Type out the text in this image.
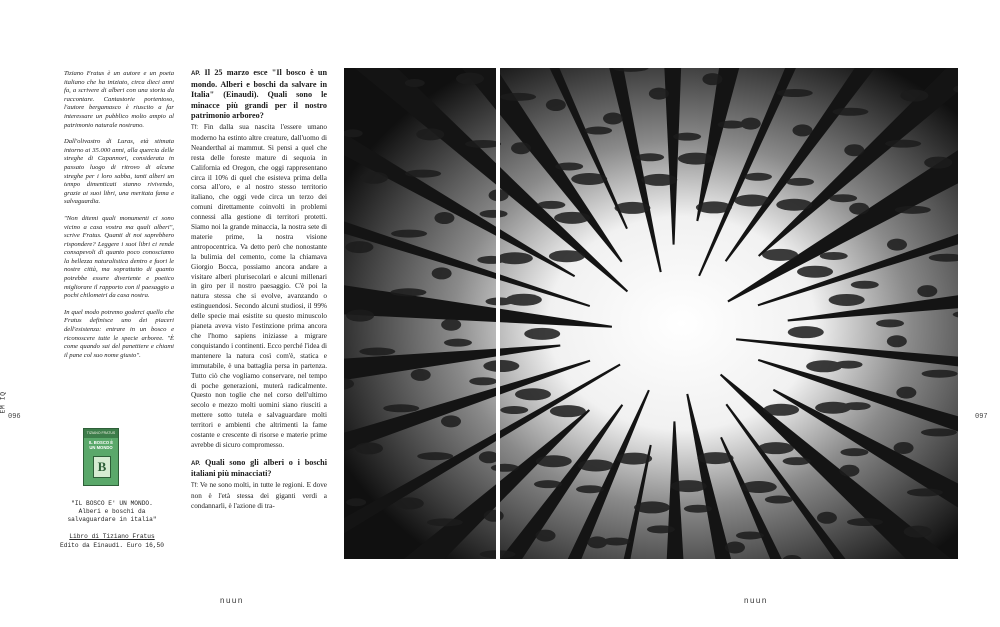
EM IQ
096	097

Tiziano Fratus è un autore e un poeta italiano che ha iniziato, circa dieci anni fa, a scrivere di alberi con una storia da raccontare. Cantastorie portentoso, l'autore bergamasco è riuscito a far interessare un pubblico molto ampio al patrimonio naturale nostrano.

Dall'olivastro di Luras, età stimata intorno ai 35.000 anni, alla quercia delle streghe di Capannori, considerata in passato luogo di ritrovo di alcune streghe per i loro sabba, tanti alberi un tempo dimenticati stanno rivivendo, grazie ai suoi libri, una meritata fama e salvaguardia.

"Non ditemi quali monumenti ci sono vicino a casa vostra ma quali alberi", scrive Fratus. Quanti di noi saprebbero rispondere? Leggere i suoi libri ci rende consapevoli di quanto poco conosciamo la bellezza naturalistica dentro e fuori le nostre città, ma soprattutto di quanto potrebbe essere divertente e poetico migliorare il rapporto con il paesaggio a pochi chilometri da casa nostra.

In quel modo potremo goderci quello che Fratus definisce uno dei piaceri dell'esistenza: entrare in un bosco e riconoscere tutte le specie arboree. "È come quando sai del panettiere e chiami il pane col suo nome giusto".

TIZIANO FRATUS
IL BOSCO È UN MONDO
B
"IL BOSCO E' UN MONDO.
Alberi e boschi da salvaguardare in italia"
Libro di Tiziano Fratus
Edito da Einaudi. Euro 16,50

AP. Il 25 marzo esce "Il bosco è un mondo. Alberi e boschi da salvare in Italia" (Einaudi). Quali sono le minacce più grandi per il nostro patrimonio arboreo?

Tf: Fin dalla sua nascita l'essere umano moderno ha estinto altre creature, dall'uomo di Neanderthal ai mammut. Si pensi a quel che resta delle foreste mature di sequoia in California ed Oregon, che oggi rappresentano circa il 10% di quel che esisteva prima della corsa all'oro, e al nostro stesso territorio italiano, che oggi vede circa un terzo dei comuni direttamente coinvolti in problemi connessi alla gestione di territori protetti. Siamo noi la grande minaccia, la nostra sete di materie prime, la nostra visione antropocentrica. Va detto però che nonostante la bulimia del cemento, come la chiamava Giorgio Bocca, possiamo ancora andare a visitare alberi plurisecolari e alcuni millenari in giro per il nostro paesaggio. C'è poi la natura stessa che si evolve, avanzando o estinguendosi. Secondo alcuni studiosi, il 99% delle specie mai esistite su questo minuscolo pianeta aveva visto l'estinzione prima ancora che l'homo sapiens iniziasse a migrare conquistando i continenti. Ecco perché l'idea di mantenere la natura così com'è, statica e immutabile, è una battaglia persa in partenza. Tutto ciò che vogliamo conservare, nel tempo di poche generazioni, muterà radicalmente. Questo non toglie che nel corso dell'ultimo secolo e mezzo molti uomini siano riusciti a mettere sotto tutela e salvaguardare molti territori e ambienti che altrimenti la fame costante e crescente di risorse e materie prime avrebbe di sicuro compromesso.

AP. Quali sono gli alberi o i boschi italiani più minacciati?

Tf: Ve ne sono molti, in tutte le regioni. E dove non è l'età stessa dei giganti verdi a condannarli, è l'azione di tra-

nuun	nuun
